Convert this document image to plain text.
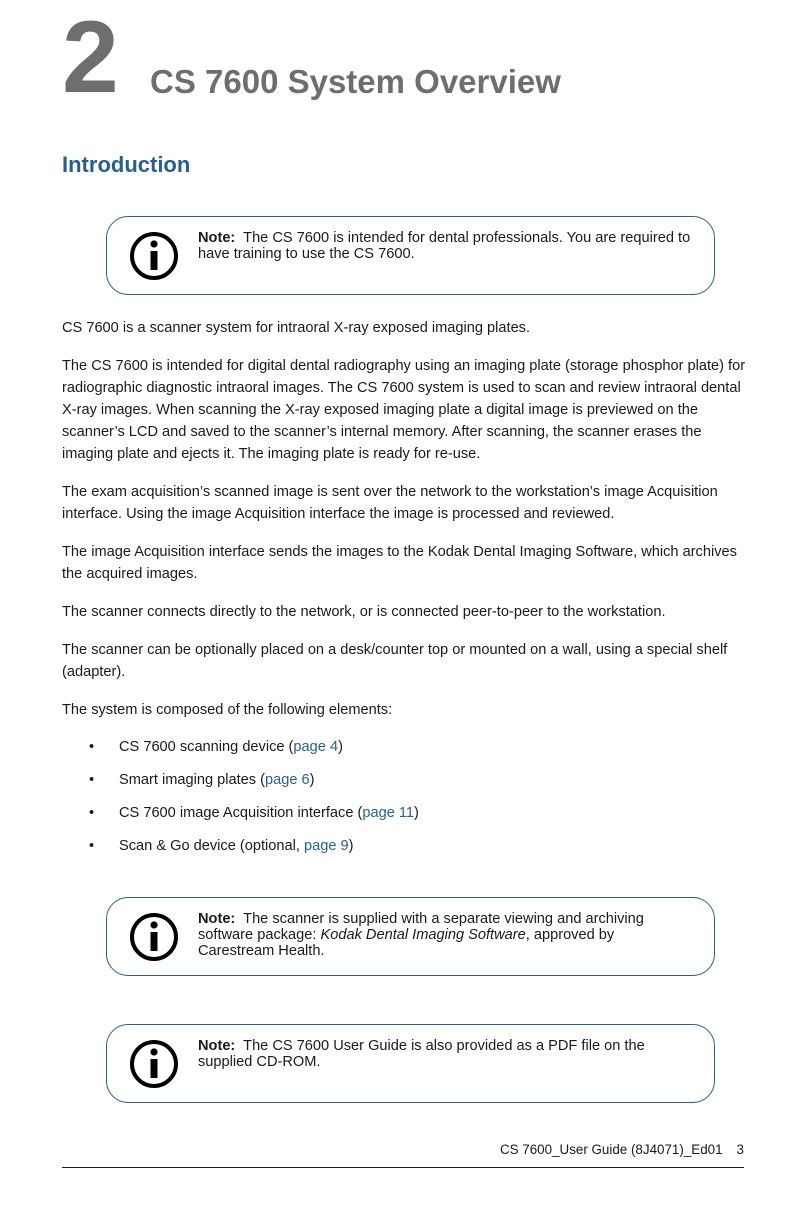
2 CS 7600 System Overview
Introduction
Note: The CS 7600 is intended for dental professionals. You are required to have training to use the CS 7600.

CS 7600 is a scanner system for intraoral X-ray exposed imaging plates.

The CS 7600 is intended for digital dental radiography using an imaging plate (storage phosphor plate) for radiographic diagnostic intraoral images. The CS 7600 system is used to scan and review intraoral dental X-ray images. When scanning the X-ray exposed imaging plate a digital image is previewed on the scanner’s LCD and saved to the scanner’s internal memory. After scanning, the scanner erases the imaging plate and ejects it. The imaging plate is ready for re-use.

The exam acquisition’s scanned image is sent over the network to the workstation’s image Acquisition interface. Using the image Acquisition interface the image is processed and reviewed.

The image Acquisition interface sends the images to the Kodak Dental Imaging Software, which archives the acquired images.

The scanner connects directly to the network, or is connected peer-to-peer to the workstation.

The scanner can be optionally placed on a desk/counter top or mounted on a wall, using a special shelf (adapter).

The system is composed of the following elements:

• CS 7600 scanning device (page 4)
• Smart imaging plates (page 6)
• CS 7600 image Acquisition interface (page 11)
• Scan & Go device (optional, page 9)
Note: The scanner is supplied with a separate viewing and archiving software package: Kodak Dental Imaging Software, approved by Carestream Health.
Note: The CS 7600 User Guide is also provided as a PDF file on the supplied CD-ROM.
CS 7600_User Guide (8J4071)_Ed01 3
